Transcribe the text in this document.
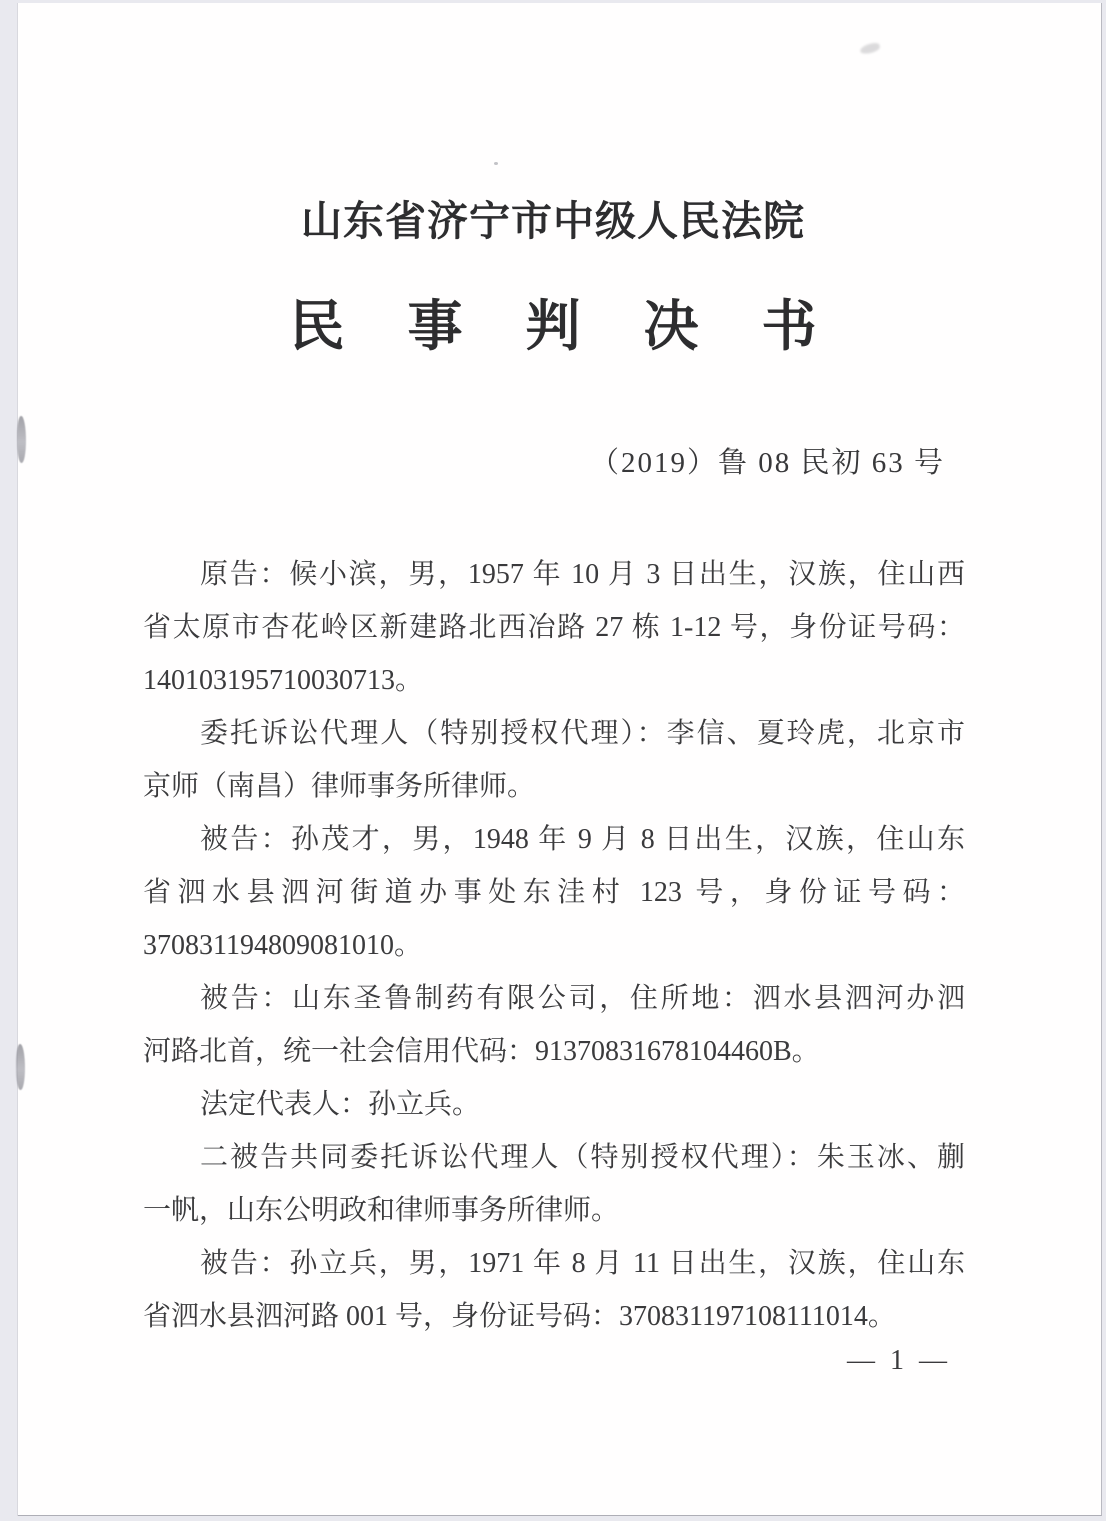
山东省济宁市中级人民法院
民事判决书
（2019）鲁 08 民初 63 号
原告：候小滨，男，1957 年 10 月 3 日出生，汉族，住山西
省太原市杏花岭区新建路北西冶路 27 栋 1-12 号，身份证号码：
140103195710030713。
委托诉讼代理人（特别授权代理）：李信、夏玲虎，北京市
京师（南昌）律师事务所律师。
被告：孙茂才，男，1948 年 9 月 8 日出生，汉族，住山东
省泗水县泗河街道办事处东洼村 123 号，身份证号码：
370831194809081010。
被告：山东圣鲁制药有限公司，住所地：泗水县泗河办泗
河路北首，统一社会信用代码：91370831678104460B。
法定代表人：孙立兵。
二被告共同委托诉讼代理人（特别授权代理）：朱玉冰、蒯
一帆，山东公明政和律师事务所律师。
被告：孙立兵，男，1971 年 8 月 11 日出生，汉族，住山东
省泗水县泗河路 001 号，身份证号码：370831197108111014。
— 1 —
